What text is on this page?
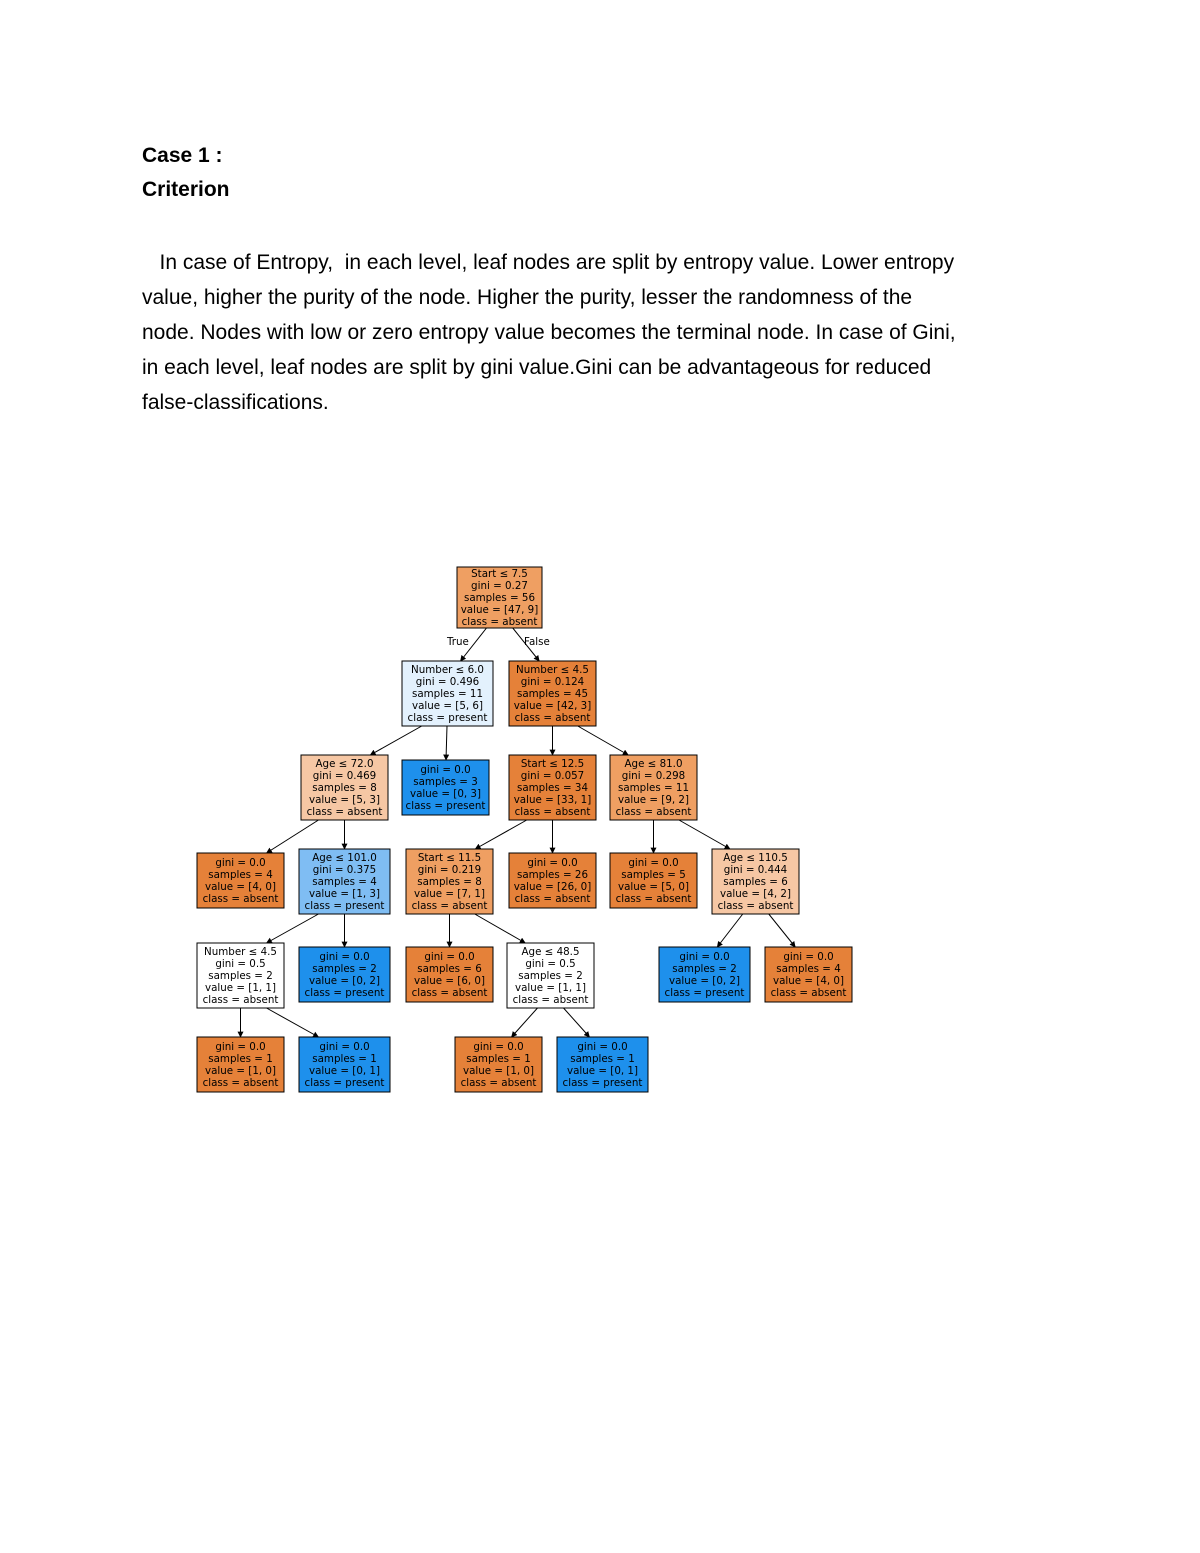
Case 1 :
Criterion

In case of Entropy,  in each level, leaf nodes are split by entropy value. Lower entropy
value, higher the purity of the node. Higher the purity, lesser the randomness of the
node. Nodes with low or zero entropy value becomes the terminal node. In case of Gini,
in each level, leaf nodes are split by gini value.Gini can be advantageous for reduced
false-classifications.

True	False
Start ≤ 7.5
gini = 0.27
samples = 56
value = [47, 9]
class = absent
Number ≤ 6.0
gini = 0.496
samples = 11
value = [5, 6]
class = present
Number ≤ 4.5
gini = 0.124
samples = 45
value = [42, 3]
class = absent
Age ≤ 72.0
gini = 0.469
samples = 8
value = [5, 3]
class = absent
gini = 0.0
samples = 3
value = [0, 3]
class = present
Start ≤ 12.5
gini = 0.057
samples = 34
value = [33, 1]
class = absent
Age ≤ 81.0
gini = 0.298
samples = 11
value = [9, 2]
class = absent
gini = 0.0
samples = 4
value = [4, 0]
class = absent
Age ≤ 101.0
gini = 0.375
samples = 4
value = [1, 3]
class = present
Start ≤ 11.5
gini = 0.219
samples = 8
value = [7, 1]
class = absent
gini = 0.0
samples = 26
value = [26, 0]
class = absent
gini = 0.0
samples = 5
value = [5, 0]
class = absent
Age ≤ 110.5
gini = 0.444
samples = 6
value = [4, 2]
class = absent
Number ≤ 4.5
gini = 0.5
samples = 2
value = [1, 1]
class = absent
gini = 0.0
samples = 2
value = [0, 2]
class = present
gini = 0.0
samples = 6
value = [6, 0]
class = absent
Age ≤ 48.5
gini = 0.5
samples = 2
value = [1, 1]
class = absent
gini = 0.0
samples = 2
value = [0, 2]
class = present
gini = 0.0
samples = 4
value = [4, 0]
class = absent
gini = 0.0
samples = 1
value = [1, 0]
class = absent
gini = 0.0
samples = 1
value = [0, 1]
class = present
gini = 0.0
samples = 1
value = [1, 0]
class = absent
gini = 0.0
samples = 1
value = [0, 1]
class = present
